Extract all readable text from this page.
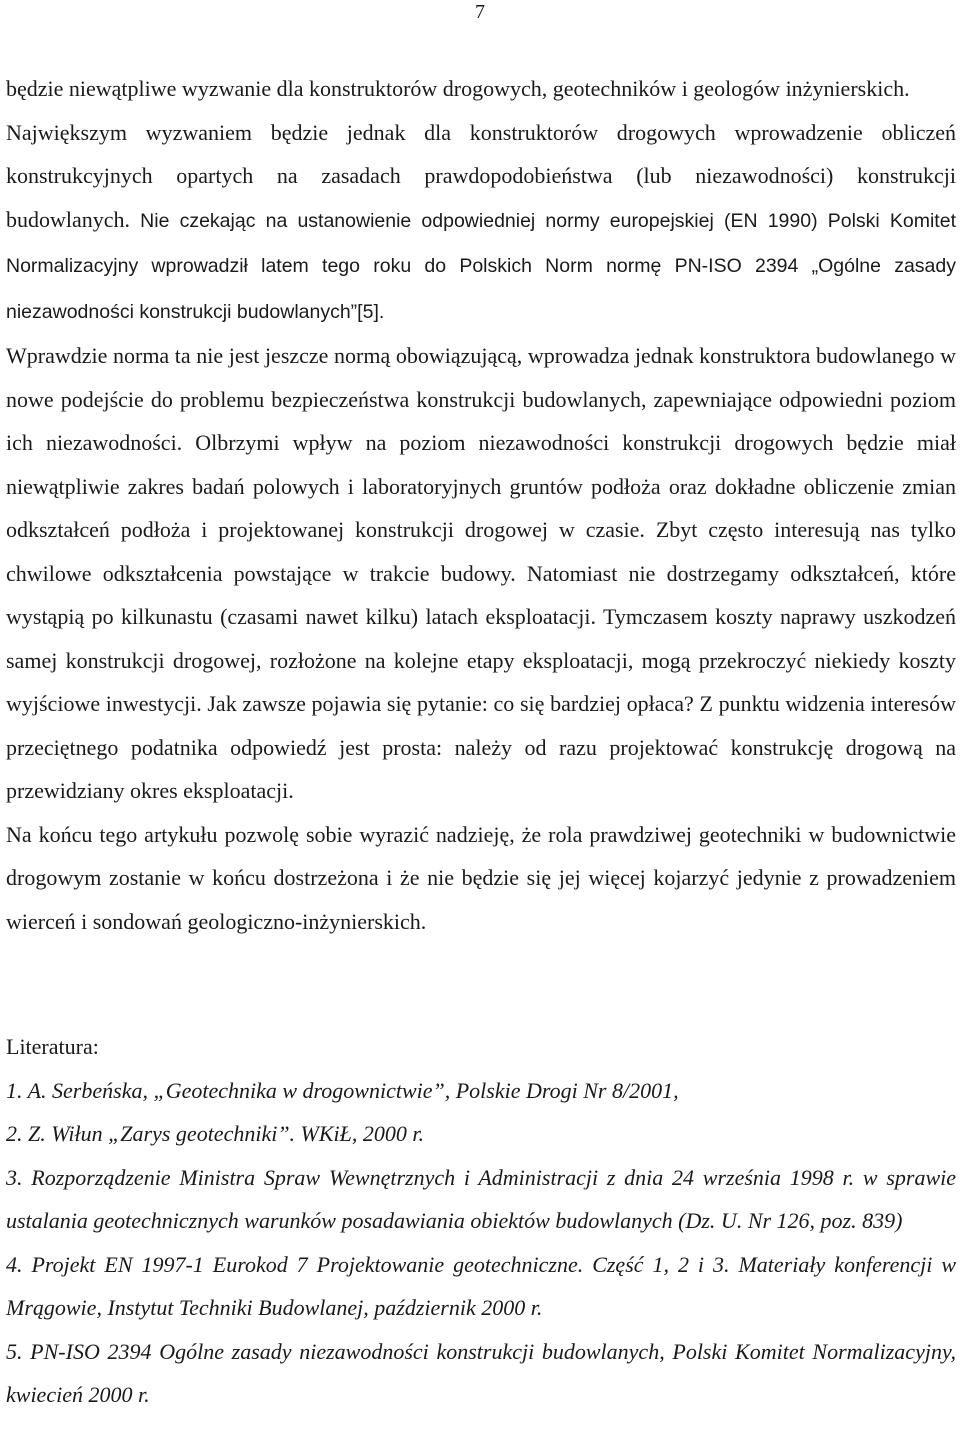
7

będzie niewątpliwe wyzwanie dla konstruktorów drogowych, geotechników i geologów inżynierskich.

Największym wyzwaniem będzie jednak dla konstruktorów drogowych wprowadzenie obliczeń konstrukcyjnych opartych na zasadach prawdopodobieństwa (lub niezawodności) konstrukcji budowlanych. Nie czekając na ustanowienie odpowiedniej normy europejskiej (EN 1990) Polski Komitet Normalizacyjny wprowadził latem tego roku do Polskich Norm normę PN-ISO 2394 „Ogólne zasady niezawodności konstrukcji budowlanych”[5].

Wprawdzie norma ta nie jest jeszcze normą obowiązującą, wprowadza jednak konstruktora budowlanego w nowe podejście do problemu bezpieczeństwa konstrukcji budowlanych, zapewniające odpowiedni poziom ich niezawodności. Olbrzymi wpływ na poziom niezawodności konstrukcji drogowych będzie miał niewątpliwie zakres badań polowych i laboratoryjnych gruntów podłoża oraz dokładne obliczenie zmian odkształceń podłoża i projektowanej konstrukcji drogowej w czasie. Zbyt często interesują nas tylko chwilowe odkształcenia powstające w trakcie budowy. Natomiast nie dostrzegamy odkształceń, które wystąpią po kilkunastu (czasami nawet kilku) latach eksploatacji. Tymczasem koszty naprawy uszkodzeń samej konstrukcji drogowej, rozłożone na kolejne etapy eksploatacji, mogą przekroczyć niekiedy koszty wyjściowe inwestycji. Jak zawsze pojawia się pytanie: co się bardziej opłaca? Z punktu widzenia interesów przeciętnego podatnika odpowiedź jest prosta: należy od razu projektować konstrukcję drogową na przewidziany okres eksploatacji.

Na końcu tego artykułu pozwolę sobie wyrazić nadzieję, że rola prawdziwej geotechniki w budownictwie drogowym zostanie w końcu dostrzeżona i że nie będzie się jej więcej kojarzyć jedynie z prowadzeniem wierceń i sondowań geologiczno-inżynierskich.

Literatura:

1. A. Serbeńska, „Geotechnika w drogownictwie”, Polskie Drogi Nr 8/2001,
2. Z. Wiłun „Zarys geotechniki”. WKiŁ, 2000 r.
3. Rozporządzenie Ministra Spraw Wewnętrznych i Administracji z dnia 24 września 1998 r. w sprawie ustalania geotechnicznych warunków posadawiania obiektów budowlanych (Dz. U. Nr 126, poz. 839)
4. Projekt EN 1997-1 Eurokod 7 Projektowanie geotechniczne. Część 1, 2 i 3. Materiały konferencji w Mrągowie, Instytut Techniki Budowlanej, październik 2000 r.
5. PN-ISO 2394 Ogólne zasady niezawodności konstrukcji budowlanych, Polski Komitet Normalizacyjny, kwiecień 2000 r.
